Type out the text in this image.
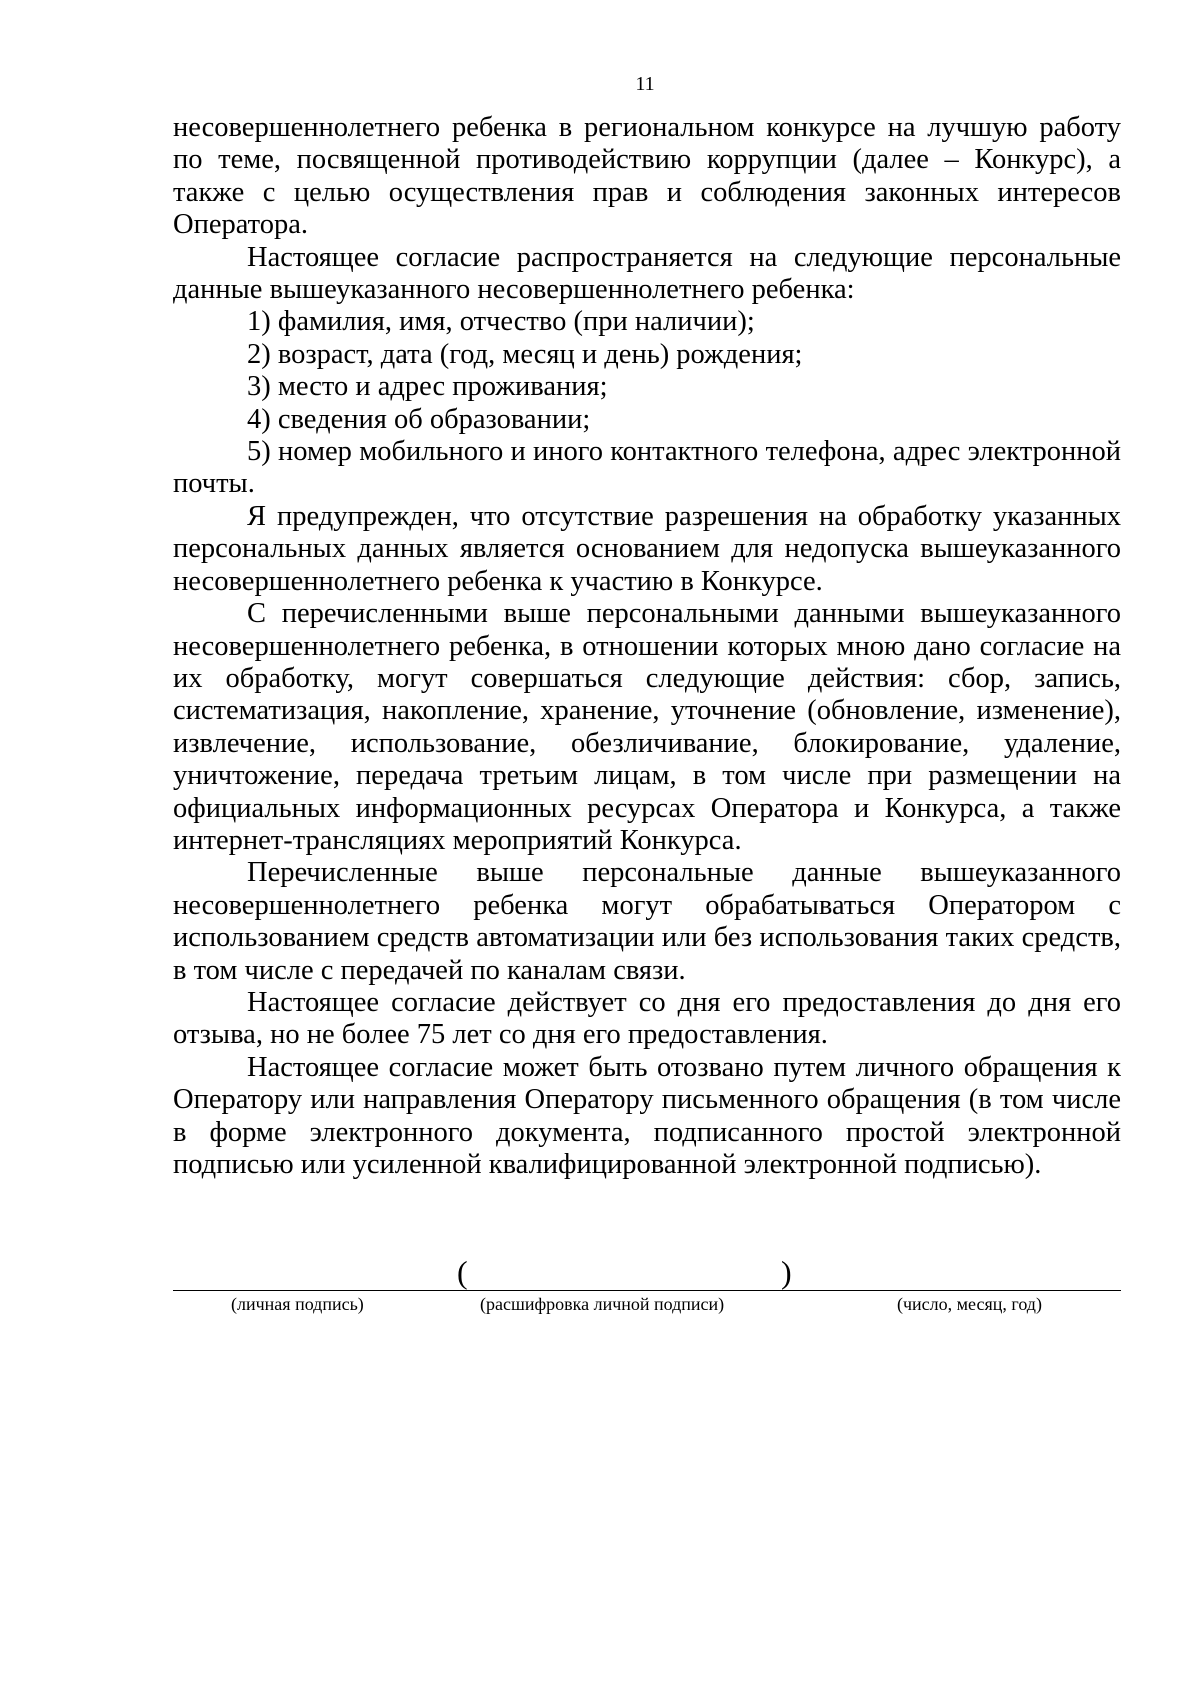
11

несовершеннолетнего ребенка в региональном конкурсе на лучшую работу по теме, посвященной противодействию коррупции (далее – Конкурс), а также с целью осуществления прав и соблюдения законных интересов Оператора.

Настоящее согласие распространяется на следующие персональные данные вышеуказанного несовершеннолетнего ребенка:

1) фамилия, имя, отчество (при наличии);

2) возраст, дата (год, месяц и день) рождения;

3) место и адрес проживания;

4) сведения об образовании;

5) номер мобильного и иного контактного телефона, адрес электронной почты.

Я предупрежден, что отсутствие разрешения на обработку указанных персональных данных является основанием для недопуска вышеуказанного несовершеннолетнего ребенка к участию в Конкурсе.

С перечисленными выше персональными данными вышеуказанного несовершеннолетнего ребенка, в отношении которых мною дано согласие на их обработку, могут совершаться следующие действия: сбор, запись, систематизация, накопление, хранение, уточнение (обновление, изменение), извлечение, использование, обезличивание, блокирование, удаление, уничтожение, передача третьим лицам, в том числе при размещении на официальных информационных ресурсах Оператора и Конкурса, а также интернет-трансляциях мероприятий Конкурса.

Перечисленные выше персональные данные вышеуказанного несовершеннолетнего ребенка могут обрабатываться Оператором с использованием средств автоматизации или без использования таких средств, в том числе с передачей по каналам связи.

Настоящее согласие действует со дня его предоставления до дня его отзыва, но не более 75 лет со дня его предоставления.

Настоящее согласие может быть отозвано путем личного обращения к Оператору или направления Оператору письменного обращения (в том числе в форме электронного документа, подписанного простой электронной подписью или усиленной квалифицированной электронной подписью).

(	)
(личная подпись)	(расшифровка личной подписи)	(число, месяц, год)
